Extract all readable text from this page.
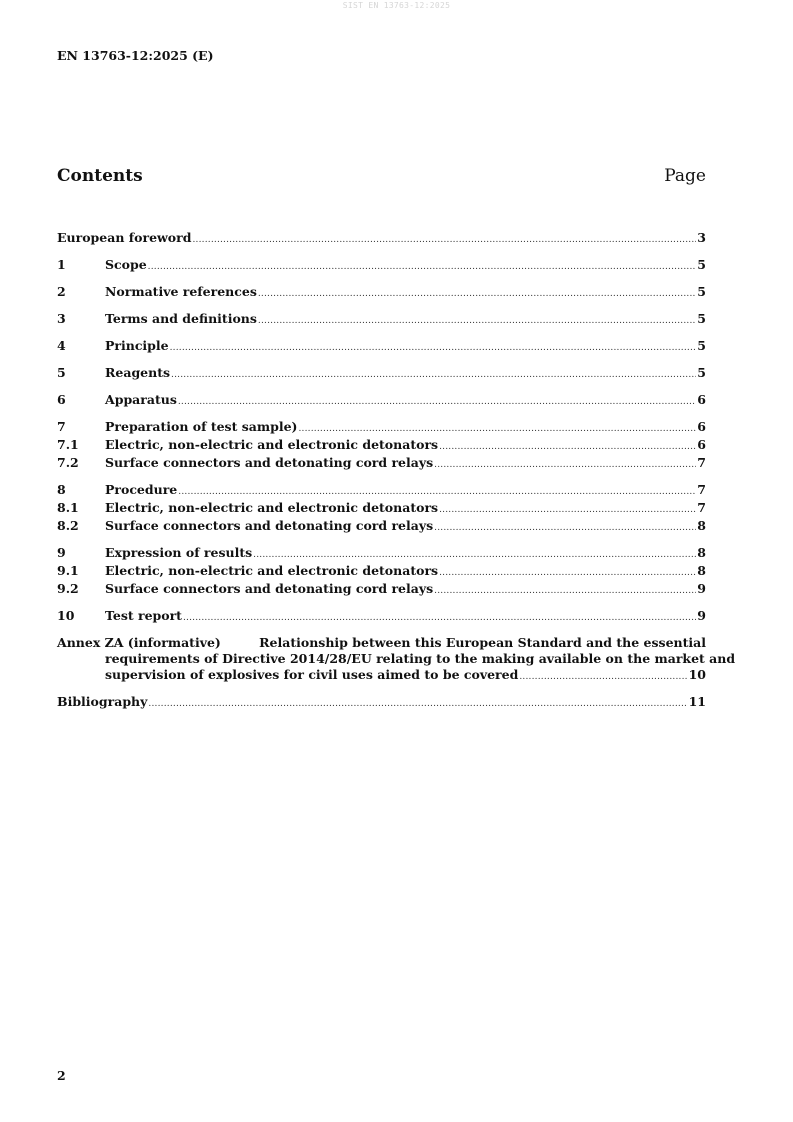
SIST EN 13763-12:2025
EN 13763-12:2025 (E)
Contents	Page
European foreword .....	3
1	Scope .....	5
2	Normative references .....	5
3	Terms and definitions .....	5
4	Principle .....	5
5	Reagents .....	5
6	Apparatus .....	6
7	Preparation of test sample) .....	6
7.1	Electric, non-electric and electronic detonators .....	6
7.2	Surface connectors and detonating cord relays .....	7
8	Procedure .....	7
8.1	Electric, non-electric and electronic detonators .....	7
8.2	Surface connectors and detonating cord relays .....	8
9	Expression of results .....	8
9.1	Electric, non-electric and electronic detonators .....	8
9.2	Surface connectors and detonating cord relays .....	9
10	Test report .....	9
Annex ZA (informative)	Relationship between this European Standard and the essential
requirements of Directive 2014/28/EU relating to the making available on the market and
supervision of explosives for civil uses aimed to be covered .....	10
Bibliography .....	11
2
